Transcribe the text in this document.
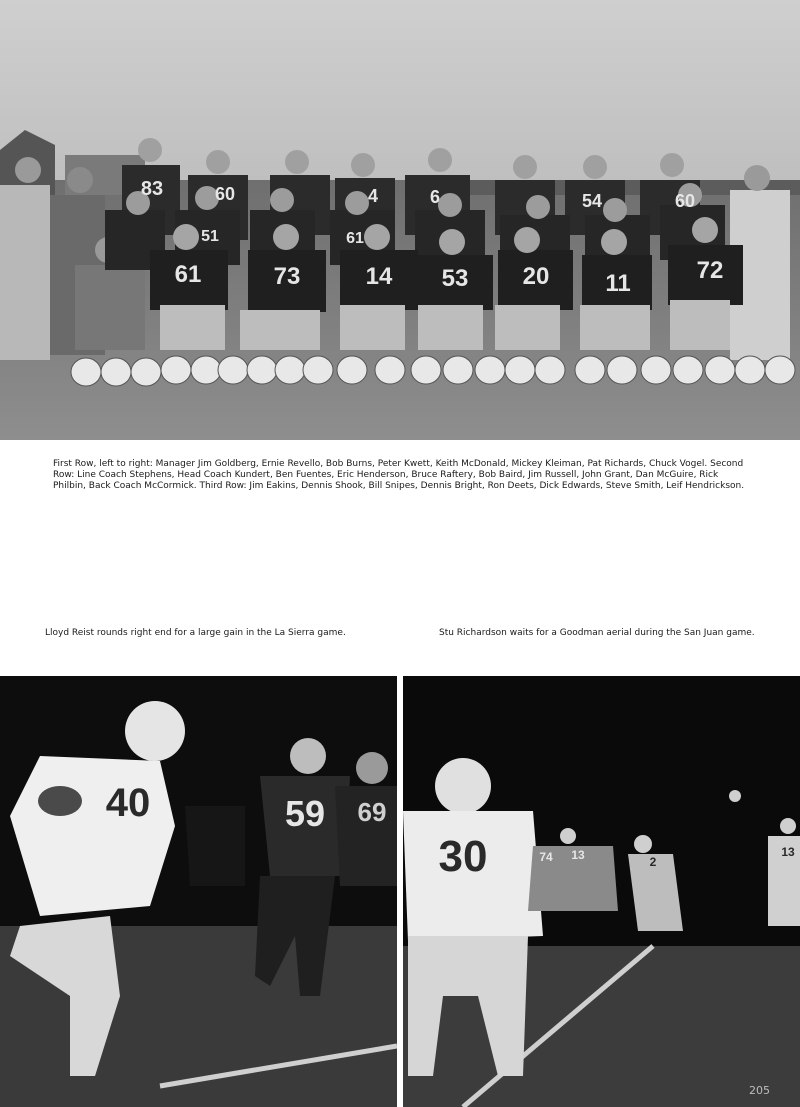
83	60	4	6	54	60
51	61
61	73	14 53 20 11	72

First Row, left to right: Manager Jim Goldberg, Ernie Revello, Bob Burns, Peter Kwett, Keith McDonald, Mickey Kleiman, Pat Richards, Chuck Vogel. Second Row: Line Coach Stephens, Head Coach Kundert, Ben Fuentes, Eric Henderson, Bruce Raftery, Bob Baird, Jim Russell, John Grant, Dan McGuire, Rick Philbin, Back Coach McCormick. Third Row: Jim Eakins, Dennis Shook, Bill Snipes, Dennis Bright, Ron Deets, Dick Edwards, Steve Smith, Leif Hendrickson.

Lloyd Reist rounds right end for a large gain in the La Sierra game.	Stu Richardson waits for a Goodman aerial during the San Juan game.

40	59 69
30	74 13	2
13
205
